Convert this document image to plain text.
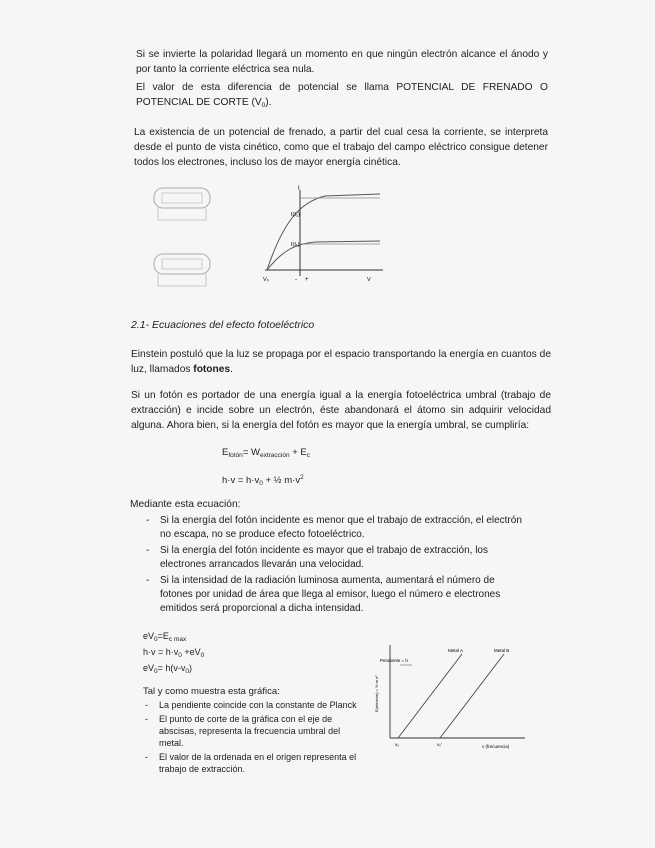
Si se invierte la polaridad llegará un momento en que ningún electrón alcance el ánodo y por tanto la corriente eléctrica sea nula.

El valor de esta diferencia de potencial se llama POTENCIAL DE FRENADO O POTENCIAL DE CORTE $(V_0)$.

La existencia de un potencial de frenado, a partir del cual cesa la corriente, se interpreta desde el punto de vista cinético, como que el trabajo del campo eléctrico consigue detener todos los electrones, incluso los de mayor energía cinética.

I
I(I₂)
I(I₁)
V₀	- +	V

2.1- Ecuaciones del efecto fotoeléctrico

Einstein postuló que la luz se propaga por el espacio transportando la energía en cuantos de luz, llamados fotones.

Si un fotón es portador de una energía igual a la energía fotoeléctrica umbral (trabajo de extracción) e incide sobre un electrón, éste abandonará el átomo sin adquirir velocidad alguna. Ahora bien, si la energía del fotón es mayor que la energía umbral, se cumpliría:

$E_{fotón}= W_{extracción} + E_c$
$h\cdot v = h\cdot v_0$ + ½ $m\cdot v^2$

Mediante esta ecuación:

- Si la energía del fotón incidente es menor que el trabajo de extracción, el electrón no escapa, no se produce efecto fotoeléctrico.
- Si la energía del fotón incidente es mayor que el trabajo de extracción, los electrones arrancados llevarán una velocidad.
- Si la intensidad de la radiación luminosa aumenta, aumentará el número de fotones por unidad de área que llega al emisor, luego el número e electrones emitidos será proporcional a dicha intensidad.
$eV_0=E_{c max}$
$h\cdot v = h\cdot v_0 +eV_0$
$eV_0= h(v-v_0)$

Tal y como muestra esta gráfica:

- La pendiente coincide con la constante de Planck
- El punto de corte de la gráfica con el eje de abscisas, representa la frecuencia umbral del metal.
- El valor de la ordenada en el origen representa el trabajo de extracción.
Pendiente = h
Metal A	Metal B
E(electrón) = ½ m v²
v (frecuencia)
v₀	v₀'
